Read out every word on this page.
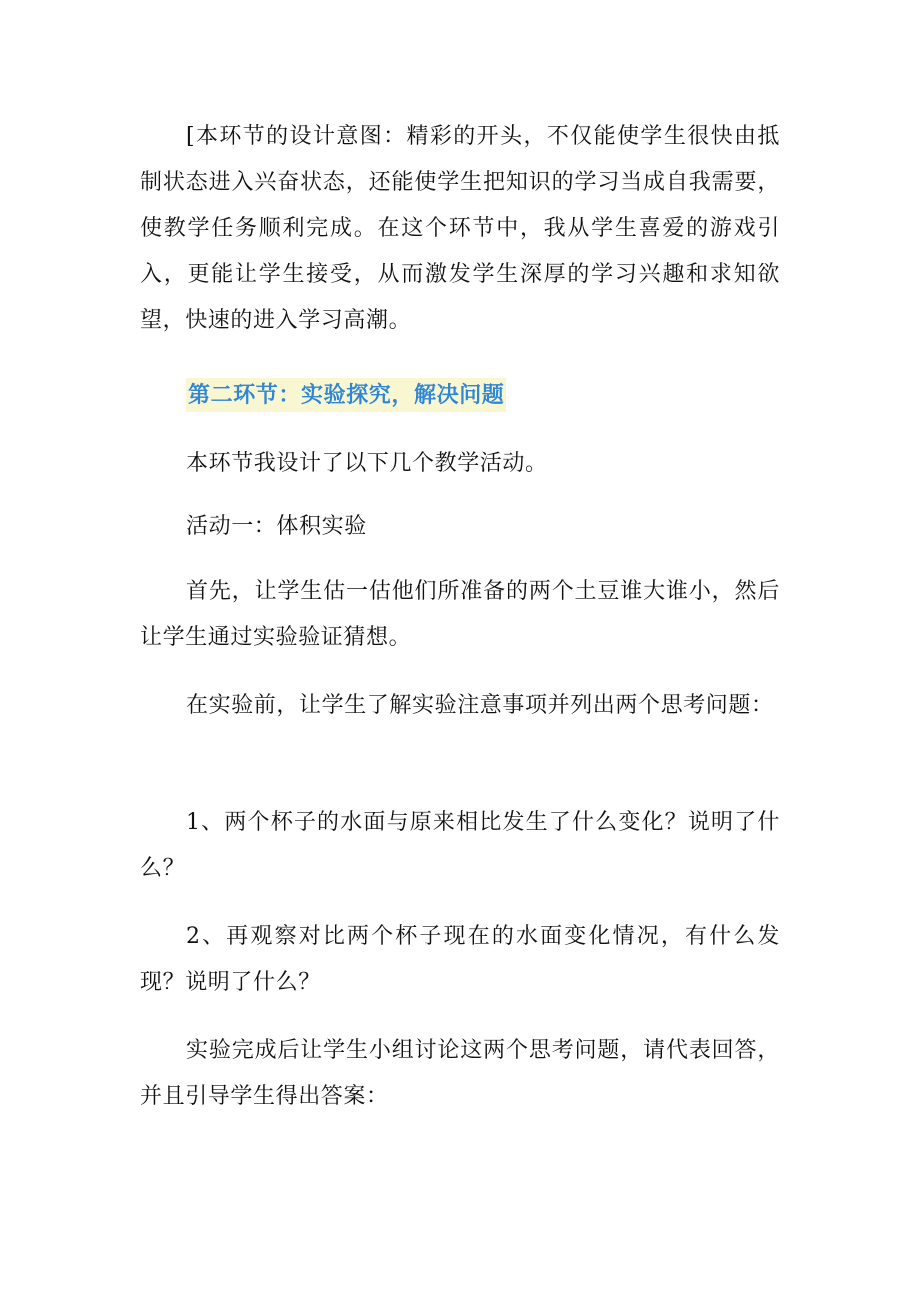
[本环节的设计意图：精彩的开头，不仅能使学生很快由抵制状态进入兴奋状态，还能使学生把知识的学习当成自我需要，使教学任务顺利完成。在这个环节中，我从学生喜爱的游戏引入，更能让学生接受，从而激发学生深厚的学习兴趣和求知欲望，快速的进入学习高潮。

第二环节：实验探究，解决问题

本环节我设计了以下几个教学活动。

活动一：体积实验

首先，让学生估一估他们所准备的两个土豆谁大谁小，然后让学生通过实验验证猜想。

在实验前，让学生了解实验注意事项并列出两个思考问题：

1、两个杯子的水面与原来相比发生了什么变化？说明了什么？

2、再观察对比两个杯子现在的水面变化情况，有什么发现？说明了什么？

实验完成后让学生小组讨论这两个思考问题，请代表回答，并且引导学生得出答案：
